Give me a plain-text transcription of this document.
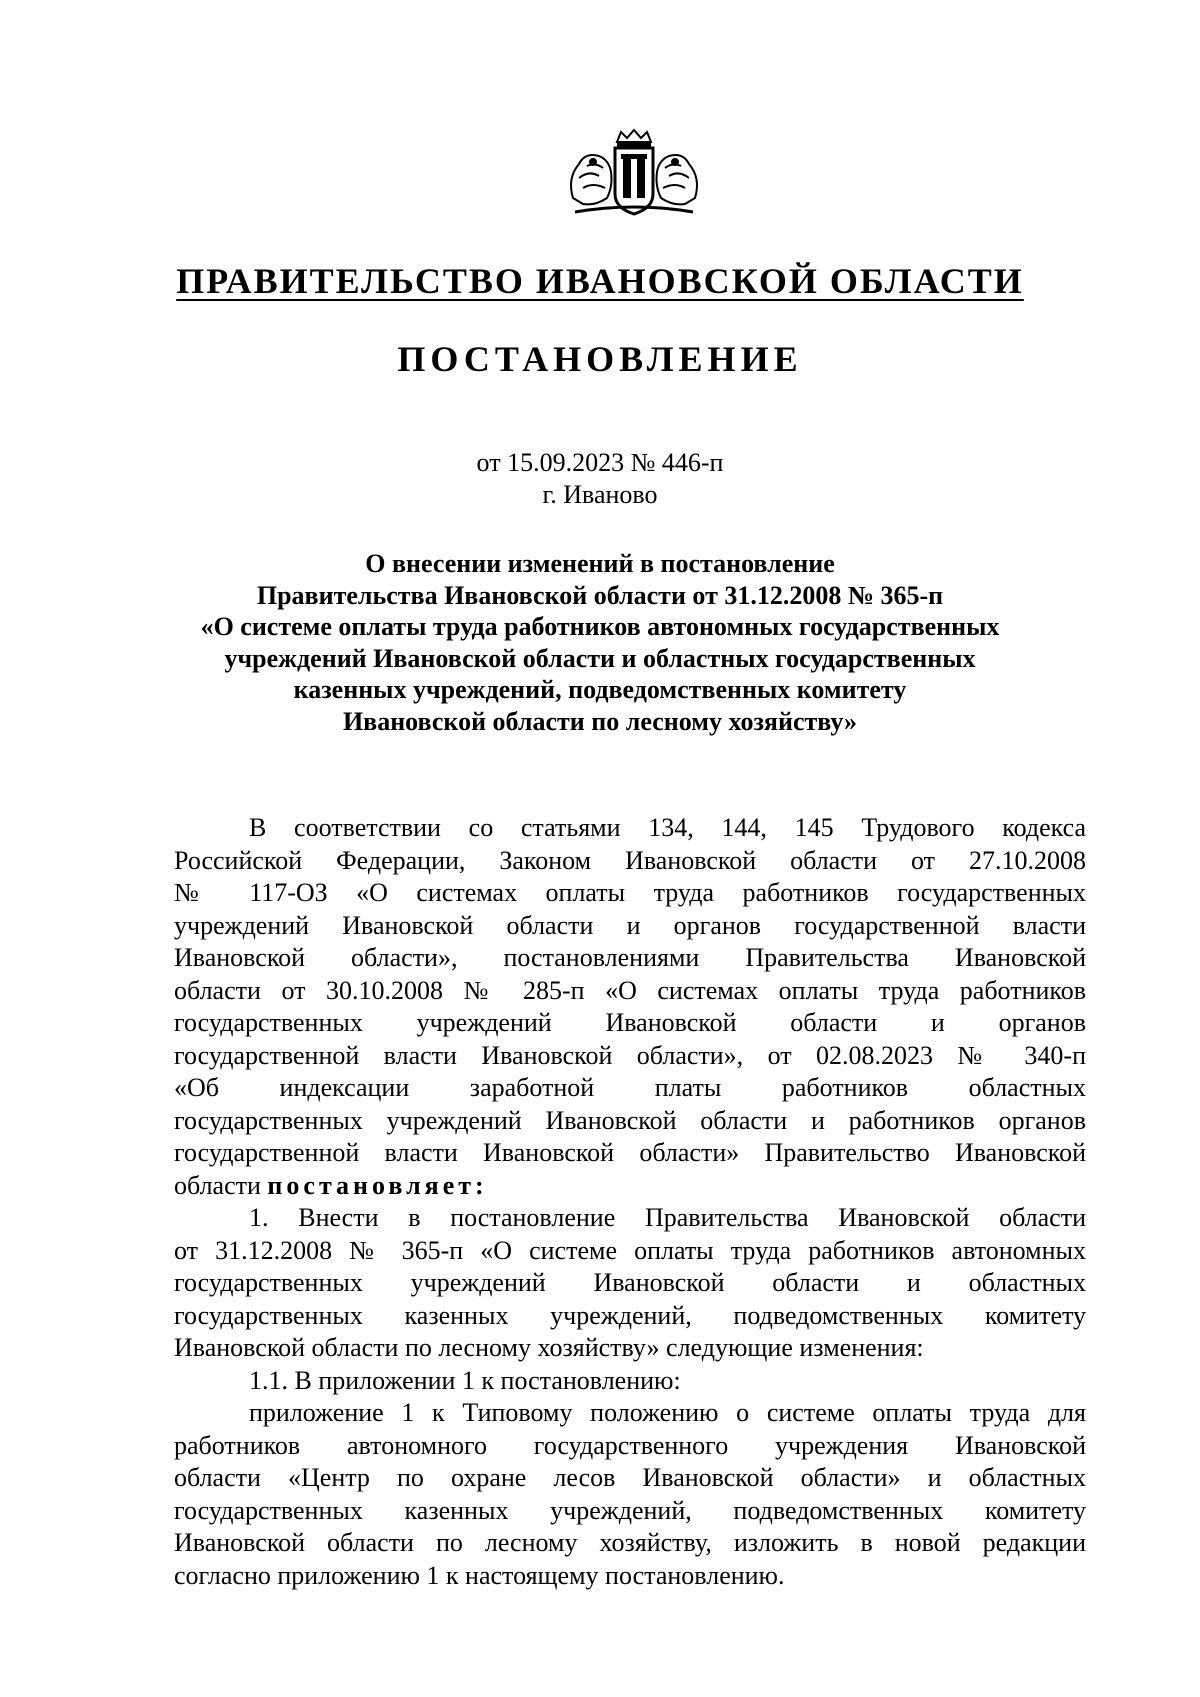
ПРАВИТЕЛЬСТВО ИВАНОВСКОЙ ОБЛАСТИ
ПОСТАНОВЛЕНИЕ
от 15.09.2023 № 446-п
г. Иваново
О внесении изменений в постановление
Правительства Ивановской области от 31.12.2008 № 365-п
«О системе оплаты труда работников автономных государственных
учреждений Ивановской области и областных государственных
казенных учреждений, подведомственных комитету
Ивановской области по лесному хозяйству»
В соответствии со статьями 134, 144, 145 Трудового кодекса
Российской Федерации, Законом Ивановской области от 27.10.2008
№ 117-ОЗ «О системах оплаты труда работников государственных
учреждений Ивановской области и органов государственной власти
Ивановской области», постановлениями Правительства Ивановской
области от 30.10.2008 № 285-п «О системах оплаты труда работников
государственных учреждений Ивановской области и органов
государственной власти Ивановской области», от 02.08.2023 № 340-п
«Об индексации заработной платы работников областных
государственных учреждений Ивановской области и работников органов
государственной власти Ивановской области» Правительство Ивановской
области постановляет:
1. Внести в постановление Правительства Ивановской области
от 31.12.2008 № 365-п «О системе оплаты труда работников автономных
государственных учреждений Ивановской области и областных
государственных казенных учреждений, подведомственных комитету
Ивановской области по лесному хозяйству» следующие изменения:
1.1. В приложении 1 к постановлению:
приложение 1 к Типовому положению о системе оплаты труда для
работников автономного государственного учреждения Ивановской
области «Центр по охране лесов Ивановской области» и областных
государственных казенных учреждений, подведомственных комитету
Ивановской области по лесному хозяйству, изложить в новой редакции
согласно приложению 1 к настоящему постановлению.
